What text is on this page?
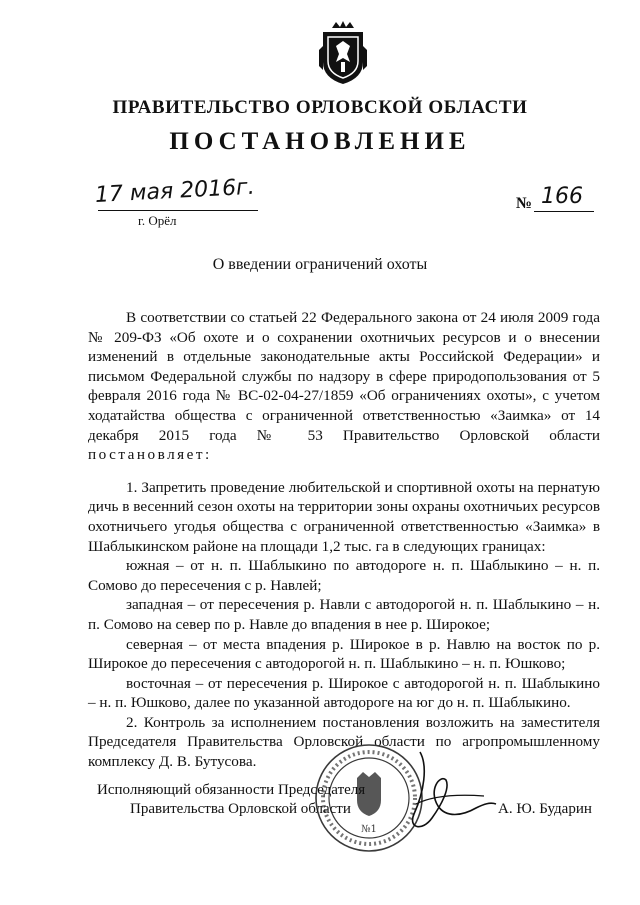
ПРАВИТЕЛЬСТВО ОРЛОВСКОЙ ОБЛАСТИ
ПОСТАНОВЛЕНИЕ
17 мая 2016г.
г. Орёл
№ 166
О введении ограничений охоты

В соответствии со статьей 22 Федерального закона от 24 июля 2009 года № 209-ФЗ «Об охоте и о сохранении охотничьих ресурсов и о внесении изменений в отдельные законодательные акты Российской Федерации» и письмом Федеральной службы по надзору в сфере природопользования от 5 февраля 2016 года № ВС-02-04-27/1859 «Об ограничениях охоты», с учетом ходатайства общества с ограниченной ответственностью «Заимка» от 14 декабря 2015 года № 53 Правительство Орловской области

постановляет:

1. Запретить проведение любительской и спортивной охоты на пернатую дичь в весенний сезон охоты на территории зоны охраны охотничьих ресурсов охотничьего угодья общества с ограниченной ответственностью «Заимка» в Шаблыкинском районе на площади 1,2 тыс. га в следующих границах:

южная – от н. п. Шаблыкино по автодороге н. п. Шаблыкино – н. п. Сомово до пересечения с р. Навлей;

западная – от пересечения р. Навли с автодорогой н. п. Шаблыкино – н. п. Сомово на север по р. Навле до впадения в нее р. Широкое;

северная – от места впадения р. Широкое в р. Навлю на восток по р. Широкое до пересечения с автодорогой н. п. Шаблыкино – н. п. Юшково;

восточная – от пересечения р. Широкое с автодорогой н. п. Шаблыкино – н. п. Юшково, далее по указанной автодороге на юг до н. п. Шаблыкино.

2. Контроль за исполнением постановления возложить на заместителя Председателя Правительства Орловской области по агропромышленному комплексу Д. В. Бутусова.

№1
Исполняющий обязанности Председателя
Правительства Орловской области	А. Ю. Бударин
